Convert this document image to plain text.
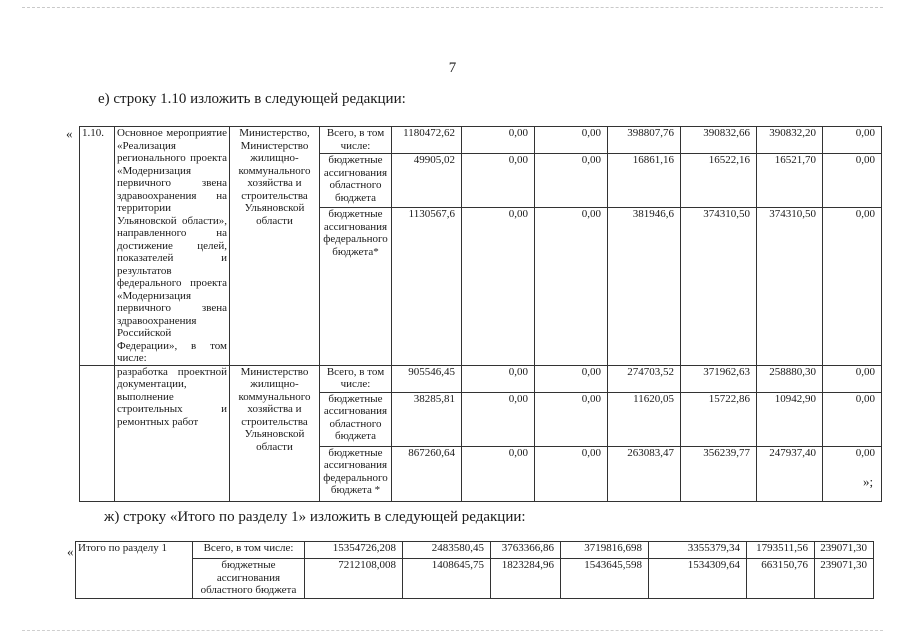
7
е) строку 1.10 изложить в следующей редакции:
« 1.10.	Основное мероприятие «Реализация регионального проекта «Модернизация первичного звена здравоохранения на территории Ульяновской области», направленного на достижение целей, показателей и результатов федерального проекта «Модернизация первичного звена здравоохранения Российской Федерации», в том числе:	Министерство, Министерство жилищно-коммунального хозяйства и строительства Ульяновской области	Всего, в том числе:	1180472,62	0,00	0,00	398807,76	390832,66	390832,20	0,00
			бюджетные ассигнования областного бюджета	49905,02	0,00	0,00	16861,16	16522,16	16521,70	0,00
			бюджетные ассигнования федерального бюджета*	1130567,6	0,00	0,00	381946,6	374310,50	374310,50	0,00
	разработка проектной документации, выполнение строительных и ремонтных работ	Министерство жилищно-коммунального хозяйства и строительства Ульяновской области	Всего, в том числе:	905546,45	0,00	0,00	274703,52	371962,63	258880,30	0,00
			бюджетные ассигнования областного бюджета	38285,81	0,00	0,00	11620,05	15722,86	10942,90	0,00
			бюджетные ассигнования федерального бюджета *	867260,64	0,00	0,00	263083,47	356239,77	247937,40	0,00
»;
ж) строку «Итого по разделу 1» изложить в следующей редакции:
« Итого по разделу 1	Всего, в том числе:	15354726,208	2483580,45	3763366,86	3719816,698	3355379,34	1793511,56	239071,30
	бюджетные ассигнования областного бюджета	7212108,008	1408645,75	1823284,96	1543645,598	1534309,64	663150,76	239071,30
